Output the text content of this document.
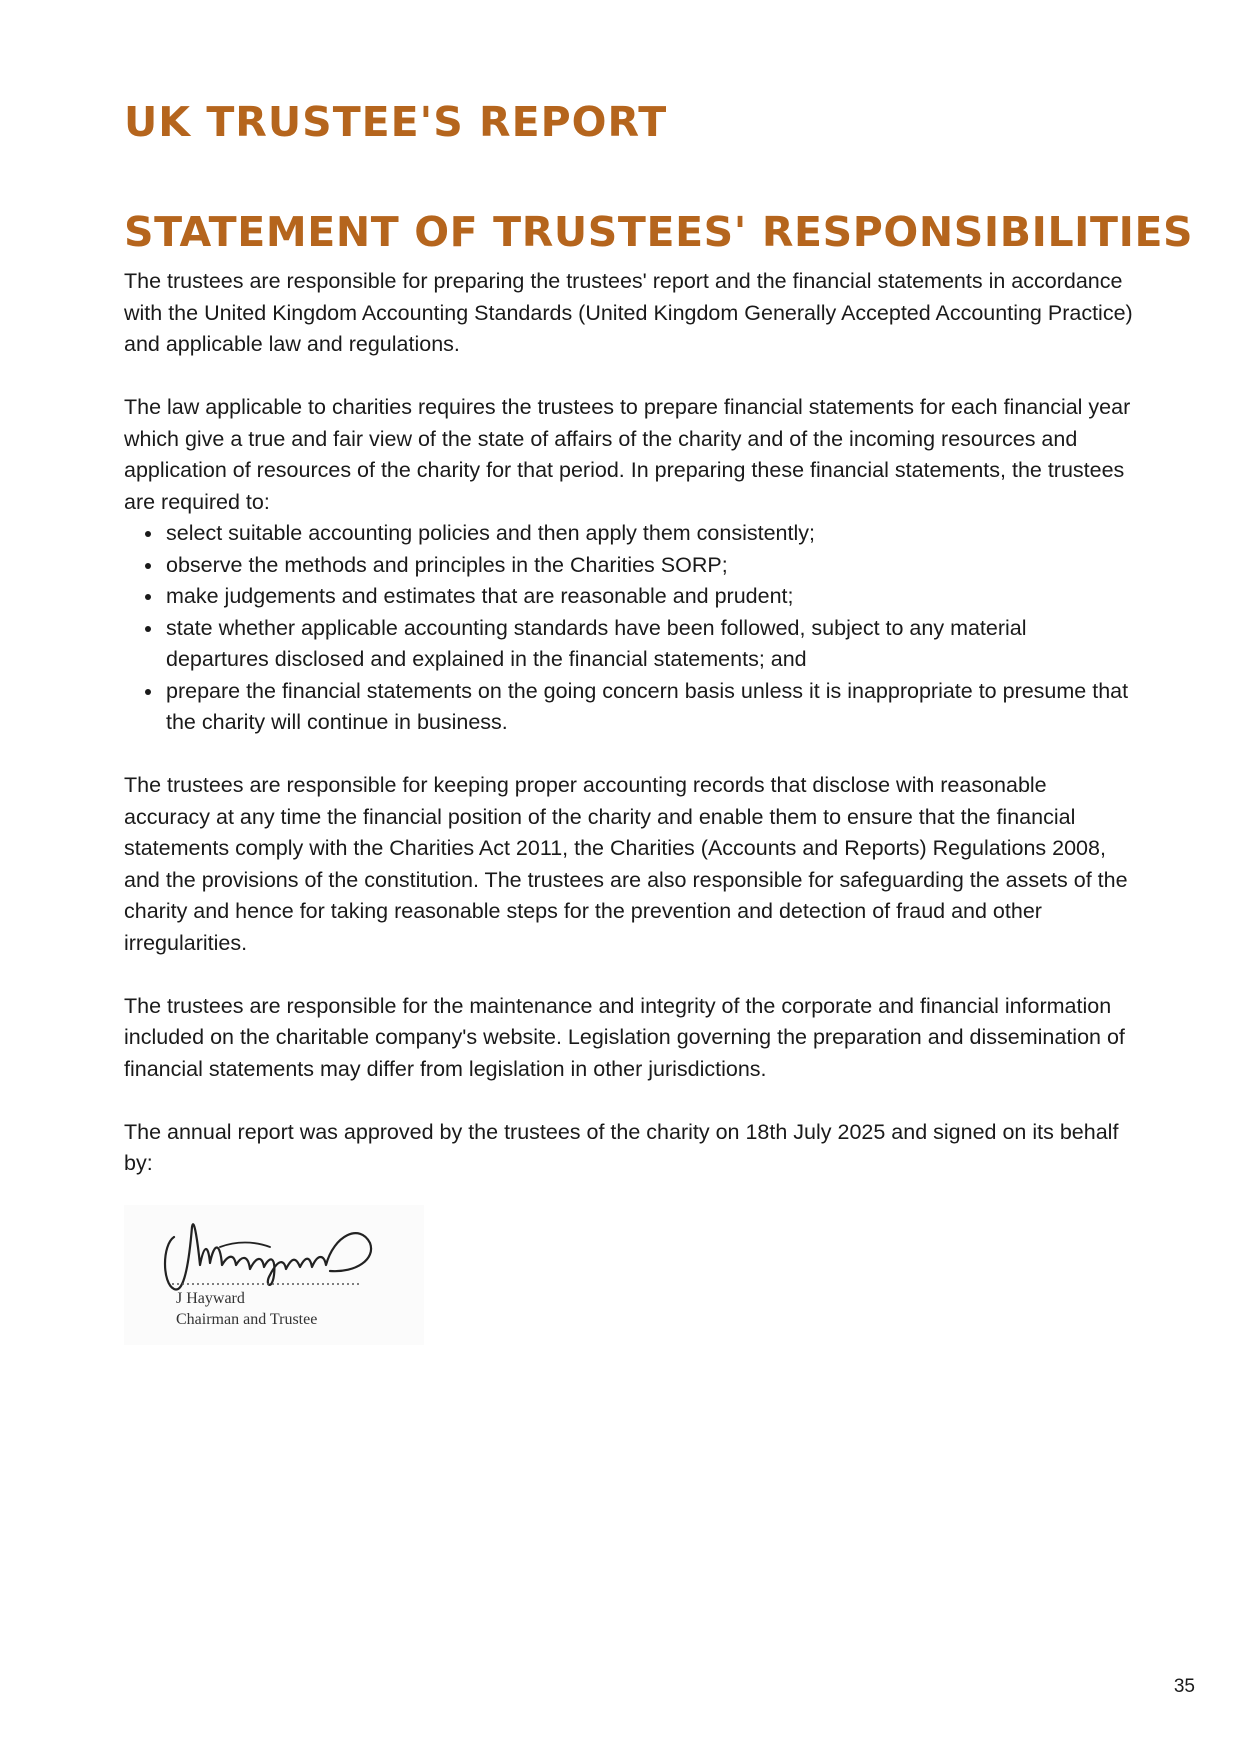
UK TRUSTEE'S REPORT
STATEMENT OF TRUSTEES' RESPONSIBILITIES

The trustees are responsible for preparing the trustees' report and the financial statements in accordance with the United Kingdom Accounting Standards (United Kingdom Generally Accepted Accounting Practice) and applicable law and regulations.

The law applicable to charities requires the trustees to prepare financial statements for each financial year which give a true and fair view of the state of affairs of the charity and of the incoming resources and application of resources of the charity for that period. In preparing these financial statements, the trustees are required to:

• select suitable accounting policies and then apply them consistently;
• observe the methods and principles in the Charities SORP;
• make judgements and estimates that are reasonable and prudent;
• state whether applicable accounting standards have been followed, subject to any material departures disclosed and explained in the financial statements; and
• prepare the financial statements on the going concern basis unless it is inappropriate to presume that the charity will continue in business.

The trustees are responsible for keeping proper accounting records that disclose with reasonable accuracy at any time the financial position of the charity and enable them to ensure that the financial statements comply with the Charities Act 2011, the Charities (Accounts and Reports) Regulations 2008, and the provisions of the constitution. The trustees are also responsible for safeguarding the assets of the charity and hence for taking reasonable steps for the prevention and detection of fraud and other irregularities.

The trustees are responsible for the maintenance and integrity of the corporate and financial information included on the charitable company's website. Legislation governing the preparation and dissemination of financial statements may differ from legislation in other jurisdictions.

The annual report was approved by the trustees of the charity on 18th July 2025 and signed on its behalf by:

J Hayward

Chairman and Trustee

35
